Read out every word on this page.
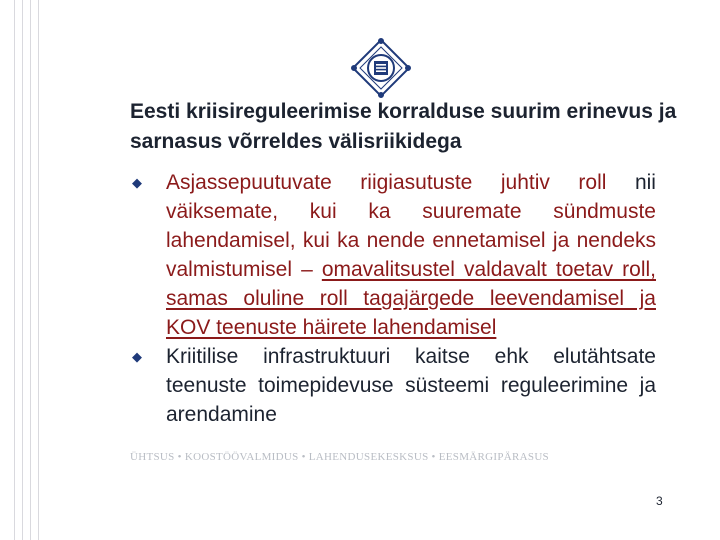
Eesti kriisireguleerimise korralduse suurim erinevus ja sarnasus võrreldes välisriikidega
◆	Asjassepuutuvate riigiasutuste juhtiv roll nii väiksemate, kui ka suuremate sündmuste lahendamisel, kui ka nende ennetamisel ja nendeks valmistumisel – omavalitsustel valdavalt toetav roll, samas oluline roll tagajärgede leevendamisel ja KOV teenuste häirete lahendamisel
◆	Kriitilise infrastruktuuri kaitse ehk elutähtsate teenuste toimepidevuse süsteemi reguleerimine ja arendamine
ÜHTSUS • KOOSTÖÖVALMIDUS • LAHENDUSEKESKSUS • EESMÄRGIPÄRASUS
3
